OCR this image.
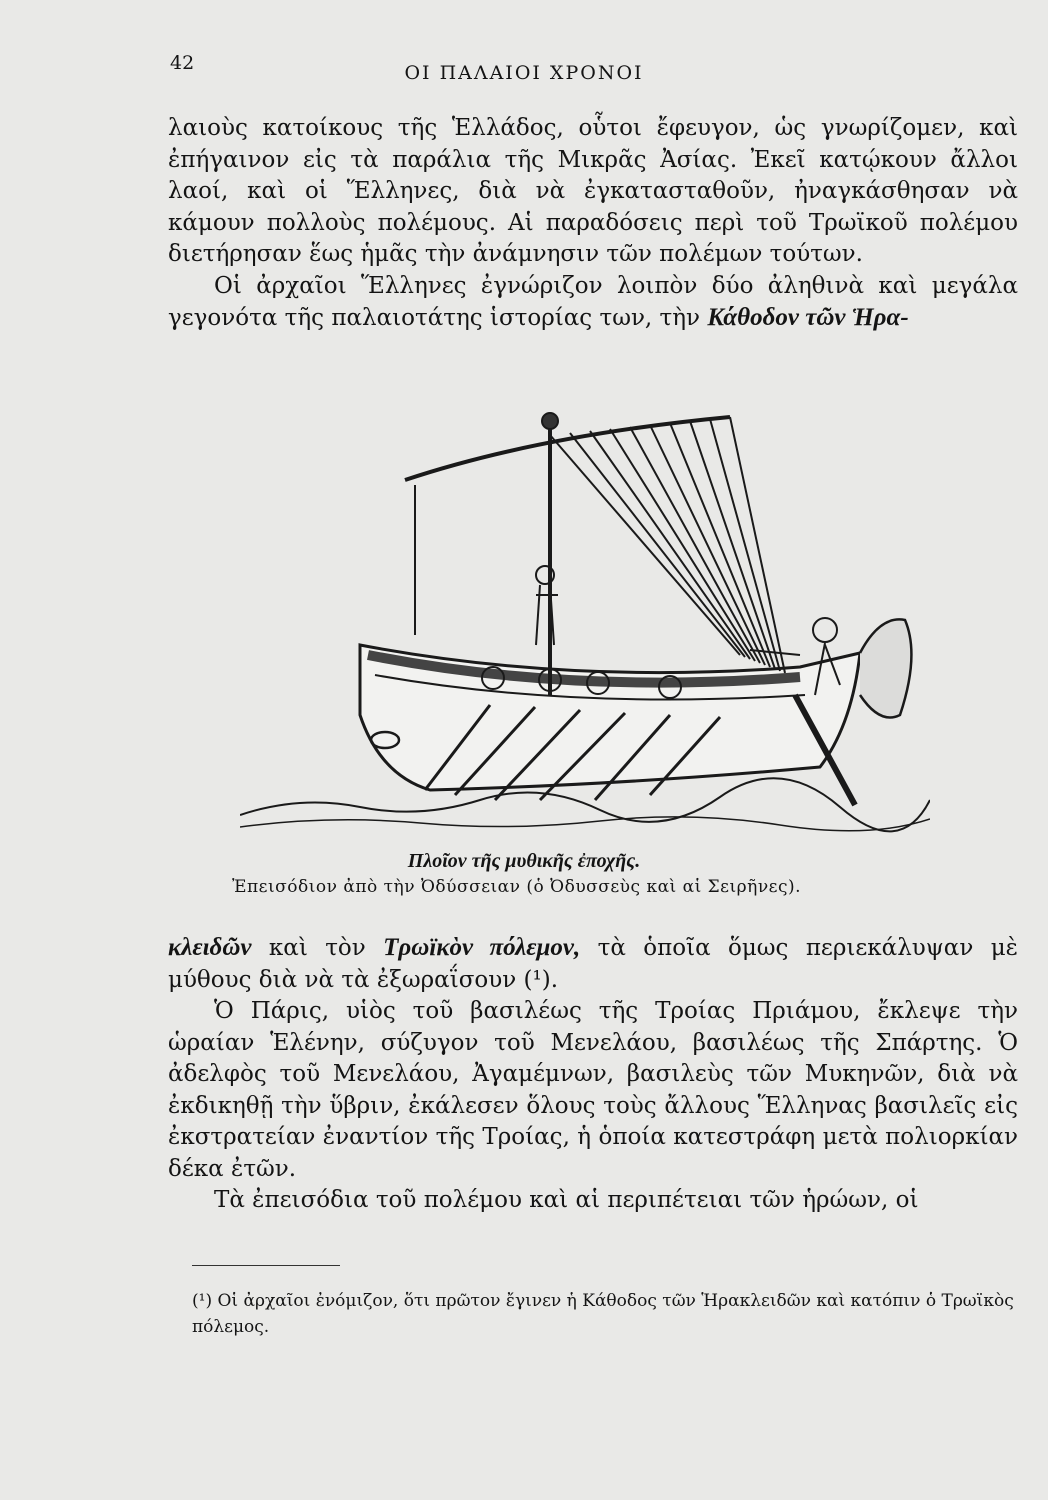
42	ΟΙ ΠΑΛΑΙΟΙ ΧΡΟΝΟΙ

λαιοὺς κατοίκους τῆς Ἑλλάδος, οὗτοι ἔφευγον, ὡς γνωρίζομεν, καὶ ἐπήγαινον εἰς τὰ παράλια τῆς Μικρᾶς Ἀσίας. Ἐκεῖ κατῴκουν ἄλλοι λαοί, καὶ οἱ Ἕλληνες, διὰ νὰ ἐγκατασταθοῦν, ἠναγκάσθησαν νὰ κάμουν πολλοὺς πολέμους. Αἱ παραδόσεις περὶ τοῦ Τρωϊκοῦ πολέμου διετήρησαν ἕως ἡμᾶς τὴν ἀνάμνησιν τῶν πολέμων τούτων.

Οἱ ἀρχαῖοι Ἕλληνες ἐγνώριζον λοιπὸν δύο ἀληθινὰ καὶ μεγάλα γεγονότα τῆς παλαιοτάτης ἱστορίας των, τὴν Κάθοδον τῶν Ἡρα-

Πλοῖον τῆς μυθικῆς ἐποχῆς.
Ἐπεισόδιον ἀπὸ τὴν Ὀδύσσειαν (ὁ Ὀδυσσεὺς καὶ αἱ Σειρῆνες).

κλειδῶν καὶ τὸν Τρωϊκὸν πόλεμον, τὰ ὁποῖα ὅμως περιεκάλυψαν μὲ μύθους διὰ νὰ τὰ ἐξωραΐσουν (¹).

Ὁ Πάρις, υἱὸς τοῦ βασιλέως τῆς Τροίας Πριάμου, ἔκλεψε τὴν ὡραίαν Ἑλένην, σύζυγον τοῦ Μενελάου, βασιλέως τῆς Σπάρτης. Ὁ ἀδελφὸς τοῦ Μενελάου, Ἀγαμέμνων, βασιλεὺς τῶν Μυκηνῶν, διὰ νὰ ἐκδικηθῇ τὴν ὕβριν, ἐκάλεσεν ὅλους τοὺς ἄλλους Ἕλληνας βασιλεῖς εἰς ἐκστρατείαν ἐναντίον τῆς Τροίας, ἡ ὁποία κατεστράφη μετὰ πολιορκίαν δέκα ἐτῶν.

Τὰ ἐπεισόδια τοῦ πολέμου καὶ αἱ περιπέτειαι τῶν ἡρώων, οἱ

(¹) Οἱ ἀρχαῖοι ἐνόμιζον, ὅτι πρῶτον ἔγινεν ἡ Κάθοδος τῶν Ἡρακλειδῶν καὶ κατόπιν ὁ Τρωϊκὸς πόλεμος.
